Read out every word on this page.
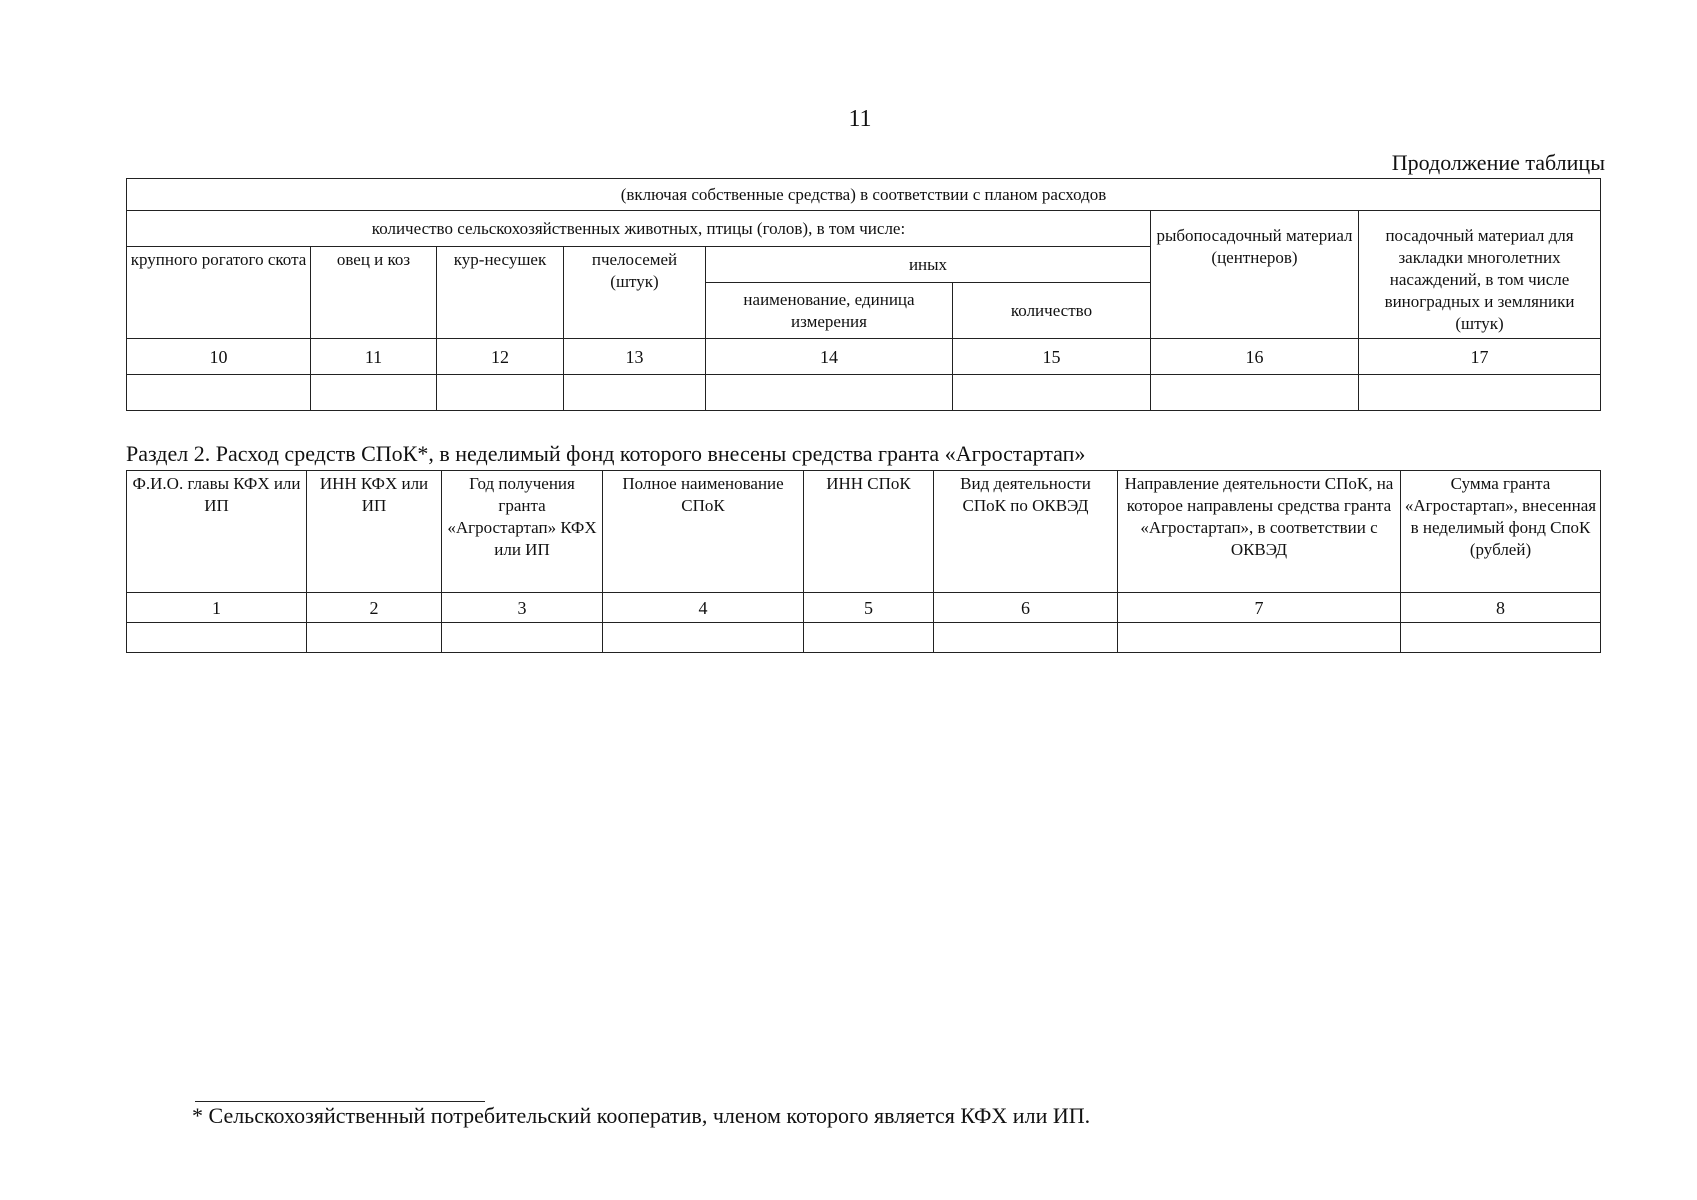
11
Продолжение таблицы
(включая собственные средства) в соответствии с планом расходов							
количество сельскохозяйственных животных, птицы (голов), в том числе:						рыбопосадочный материал (центнеров)	посадочный материал для закладки многолетних насаждений, в том числе виноградных и земляники (штук)
крупного рогатого скота	овец и коз	кур-несушек	пчелосемей (штук)	иных			
				наименование, единица измерения	количество		
10	11	12	13	14	15	16	17

Раздел 2. Расход средств СПоК*, в неделимый фонд которого внесены средства гранта «Агростартап»
Ф.И.О. главы КФХ или ИП	ИНН КФХ или ИП	Год получения гранта «Агростартап» КФХ или ИП	Полное наименование СПоК	ИНН СПоК	Вид деятельности СПоК по ОКВЭД	Направление деятельности СПоК, на которое направлены средства гранта «Агростартап», в соответствии с ОКВЭД	Сумма гранта «Агростартап», внесенная в неделимый фонд СпоК (рублей)
1	2	3	4	5	6	7	8

* Сельскохозяйственный потребительский кооператив, членом которого является КФХ или ИП.
